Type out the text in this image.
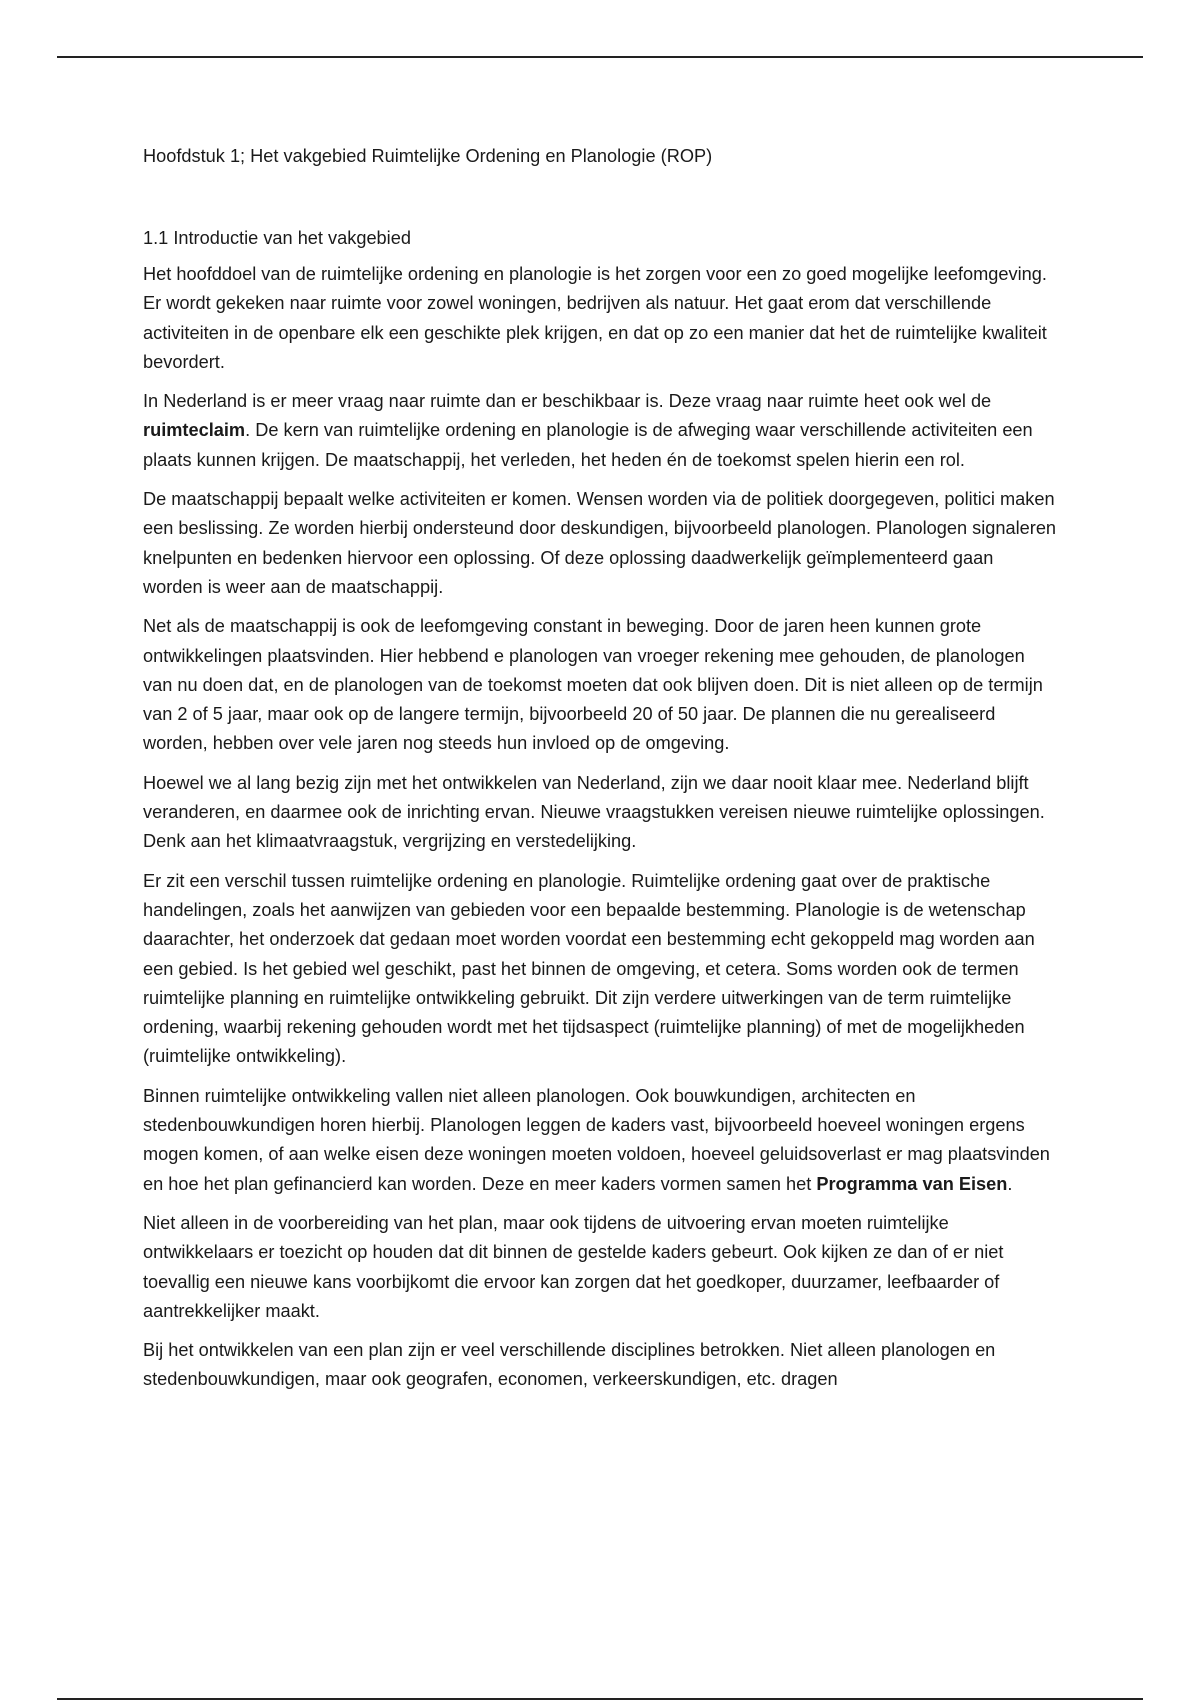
Hoofdstuk 1; Het vakgebied Ruimtelijke Ordening en Planologie (ROP)
1.1 Introductie van het vakgebied

Het hoofddoel van de ruimtelijke ordening en planologie is het zorgen voor een zo goed mogelijke leefomgeving. Er wordt gekeken naar ruimte voor zowel woningen, bedrijven als natuur. Het gaat erom dat verschillende activiteiten in de openbare elk een geschikte plek krijgen, en dat op zo een manier dat het de ruimtelijke kwaliteit bevordert.

In Nederland is er meer vraag naar ruimte dan er beschikbaar is. Deze vraag naar ruimte heet ook wel de ruimteclaim. De kern van ruimtelijke ordening en planologie is de afweging waar verschillende activiteiten een plaats kunnen krijgen. De maatschappij, het verleden, het heden én de toekomst spelen hierin een rol.

De maatschappij bepaalt welke activiteiten er komen. Wensen worden via de politiek doorgegeven, politici maken een beslissing. Ze worden hierbij ondersteund door deskundigen, bijvoorbeeld planologen. Planologen signaleren knelpunten en bedenken hiervoor een oplossing. Of deze oplossing daadwerkelijk geïmplementeerd gaan worden is weer aan de maatschappij.

Net als de maatschappij is ook de leefomgeving constant in beweging. Door de jaren heen kunnen grote ontwikkelingen plaatsvinden. Hier hebbend e planologen van vroeger rekening mee gehouden, de planologen van nu doen dat, en de planologen van de toekomst moeten dat ook blijven doen. Dit is niet alleen op de termijn van 2 of 5 jaar, maar ook op de langere termijn, bijvoorbeeld 20 of 50 jaar. De plannen die nu gerealiseerd worden, hebben over vele jaren nog steeds hun invloed op de omgeving.

Hoewel we al lang bezig zijn met het ontwikkelen van Nederland, zijn we daar nooit klaar mee. Nederland blijft veranderen, en daarmee ook de inrichting ervan. Nieuwe vraagstukken vereisen nieuwe ruimtelijke oplossingen. Denk aan het klimaatvraagstuk, vergrijzing en verstedelijking.

Er zit een verschil tussen ruimtelijke ordening en planologie. Ruimtelijke ordening gaat over de praktische handelingen, zoals het aanwijzen van gebieden voor een bepaalde bestemming. Planologie is de wetenschap daarachter, het onderzoek dat gedaan moet worden voordat een bestemming echt gekoppeld mag worden aan een gebied. Is het gebied wel geschikt, past het binnen de omgeving, et cetera. Soms worden ook de termen ruimtelijke planning en ruimtelijke ontwikkeling gebruikt. Dit zijn verdere uitwerkingen van de term ruimtelijke ordening, waarbij rekening gehouden wordt met het tijdsaspect (ruimtelijke planning) of met de mogelijkheden (ruimtelijke ontwikkeling).

Binnen ruimtelijke ontwikkeling vallen niet alleen planologen. Ook bouwkundigen, architecten en stedenbouwkundigen horen hierbij. Planologen leggen de kaders vast, bijvoorbeeld hoeveel woningen ergens mogen komen, of aan welke eisen deze woningen moeten voldoen, hoeveel geluidsoverlast er mag plaatsvinden en hoe het plan gefinancierd kan worden. Deze en meer kaders vormen samen het Programma van Eisen.

Niet alleen in de voorbereiding van het plan, maar ook tijdens de uitvoering ervan moeten ruimtelijke ontwikkelaars er toezicht op houden dat dit binnen de gestelde kaders gebeurt. Ook kijken ze dan of er niet toevallig een nieuwe kans voorbijkomt die ervoor kan zorgen dat het goedkoper, duurzamer, leefbaarder of aantrekkelijker maakt.

Bij het ontwikkelen van een plan zijn er veel verschillende disciplines betrokken. Niet alleen planologen en stedenbouwkundigen, maar ook geografen, economen, verkeerskundigen, etc. dragen
